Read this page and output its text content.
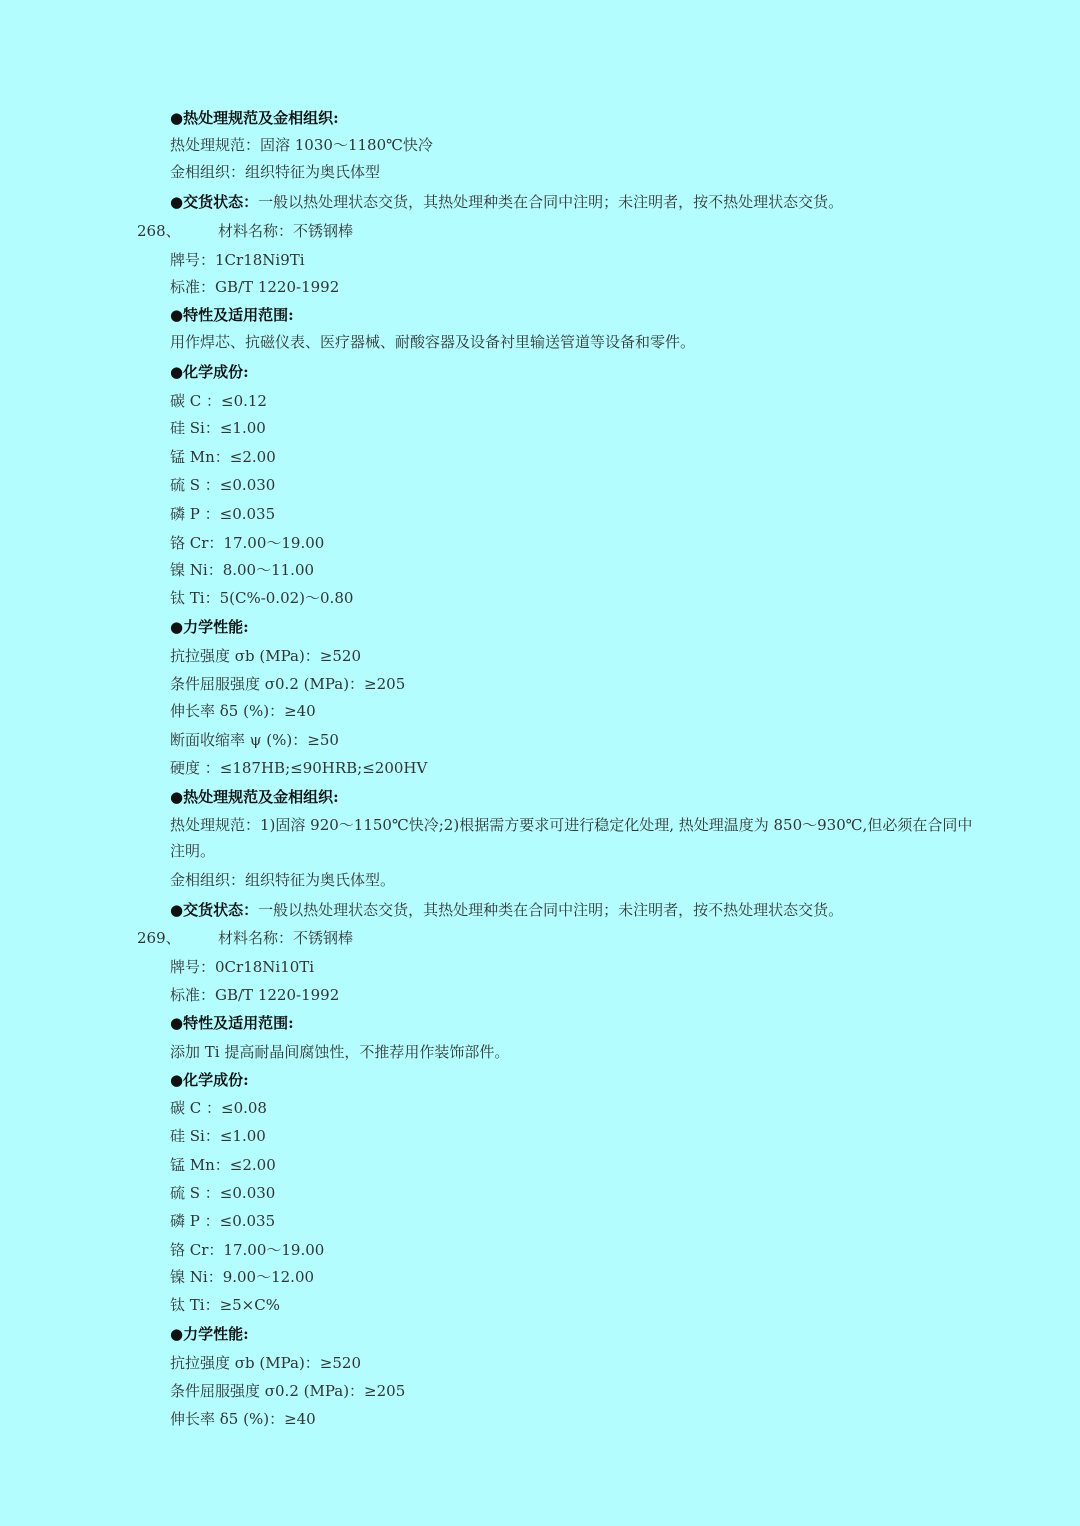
●热处理规范及金相组织:
热处理规范：固溶 1030～1180℃快冷
金相组织：组织特征为奥氏体型
●交货状态：一般以热处理状态交货，其热处理种类在合同中注明；未注明者，按不热处理状态交货。
268、 材料名称：不锈钢棒
牌号：1Cr18Ni9Ti
标准：GB/T 1220-1992
●特性及适用范围:
用作焊芯、抗磁仪表、医疗器械、耐酸容器及设备衬里输送管道等设备和零件。
●化学成份:
碳 C ：≤0.12
硅 Si：≤1.00
锰 Mn：≤2.00
硫 S ：≤0.030
磷 P ：≤0.035
铬 Cr：17.00～19.00
镍 Ni：8.00～11.00
钛 Ti：5(C%-0.02)～0.80
●力学性能:
抗拉强度 σb (MPa)：≥520
条件屈服强度 σ0.2 (MPa)：≥205
伸长率 δ5 (%)：≥40
断面收缩率 ψ (%)：≥50
硬度 ：≤187HB;≤90HRB;≤200HV
●热处理规范及金相组织:
热处理规范：1)固溶 920～1150℃快冷;2)根据需方要求可进行稳定化处理, 热处理温度为 850～930℃,但必须在合同中
注明。
金相组织：组织特征为奥氏体型。
●交货状态：一般以热处理状态交货，其热处理种类在合同中注明；未注明者，按不热处理状态交货。
269、 材料名称：不锈钢棒
牌号：0Cr18Ni10Ti
标准：GB/T 1220-1992
●特性及适用范围:
添加 Ti 提高耐晶间腐蚀性，不推荐用作装饰部件。
●化学成份:
碳 C ：≤0.08
硅 Si：≤1.00
锰 Mn：≤2.00
硫 S ：≤0.030
磷 P ：≤0.035
铬 Cr：17.00～19.00
镍 Ni：9.00～12.00
钛 Ti：≥5×C%
●力学性能:
抗拉强度 σb (MPa)：≥520
条件屈服强度 σ0.2 (MPa)：≥205
伸长率 δ5 (%)：≥40
